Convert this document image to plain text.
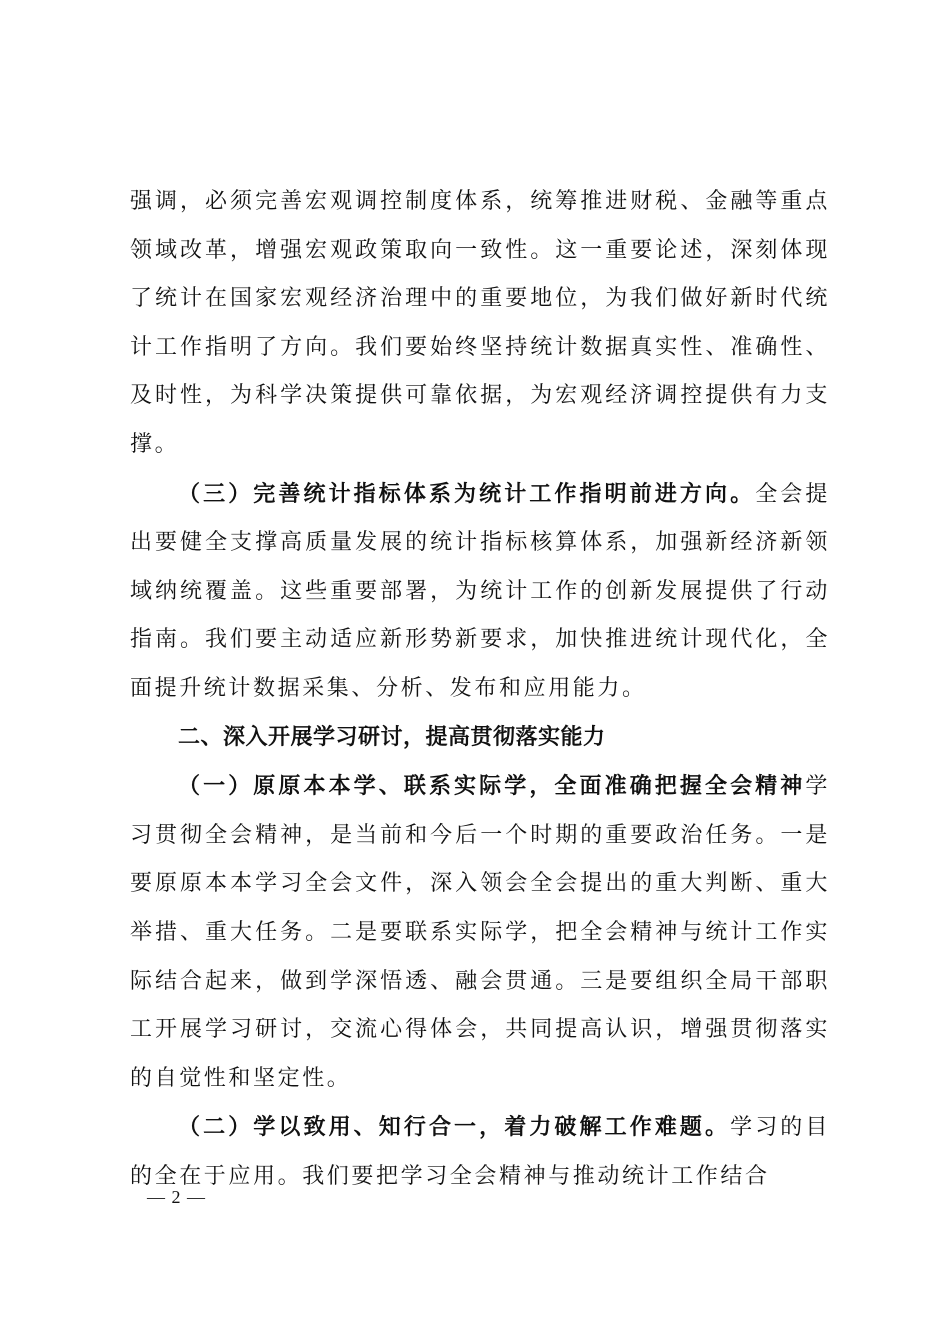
强调，必须完善宏观调控制度体系，统筹推进财税、金融等重点领域改革，增强宏观政策取向一致性。这一重要论述，深刻体现了统计在国家宏观经济治理中的重要地位，为我们做好新时代统计工作指明了方向。我们要始终坚持统计数据真实性、准确性、及时性，为科学决策提供可靠依据，为宏观经济调控提供有力支撑。

（三）完善统计指标体系为统计工作指明前进方向。全会提出要健全支撑高质量发展的统计指标核算体系，加强新经济新领域纳统覆盖。这些重要部署，为统计工作的创新发展提供了行动指南。我们要主动适应新形势新要求，加快推进统计现代化，全面提升统计数据采集、分析、发布和应用能力。

二、深入开展学习研讨，提高贯彻落实能力

（一）原原本本学、联系实际学，全面准确把握全会精神学习贯彻全会精神，是当前和今后一个时期的重要政治任务。一是要原原本本学习全会文件，深入领会全会提出的重大判断、重大举措、重大任务。二是要联系实际学，把全会精神与统计工作实际结合起来，做到学深悟透、融会贯通。三是要组织全局干部职工开展学习研讨，交流心得体会，共同提高认识，增强贯彻落实的自觉性和坚定性。

（二）学以致用、知行合一，着力破解工作难题。学习的目的全在于应用。我们要把学习全会精神与推动统计工作结合

— 2 —
